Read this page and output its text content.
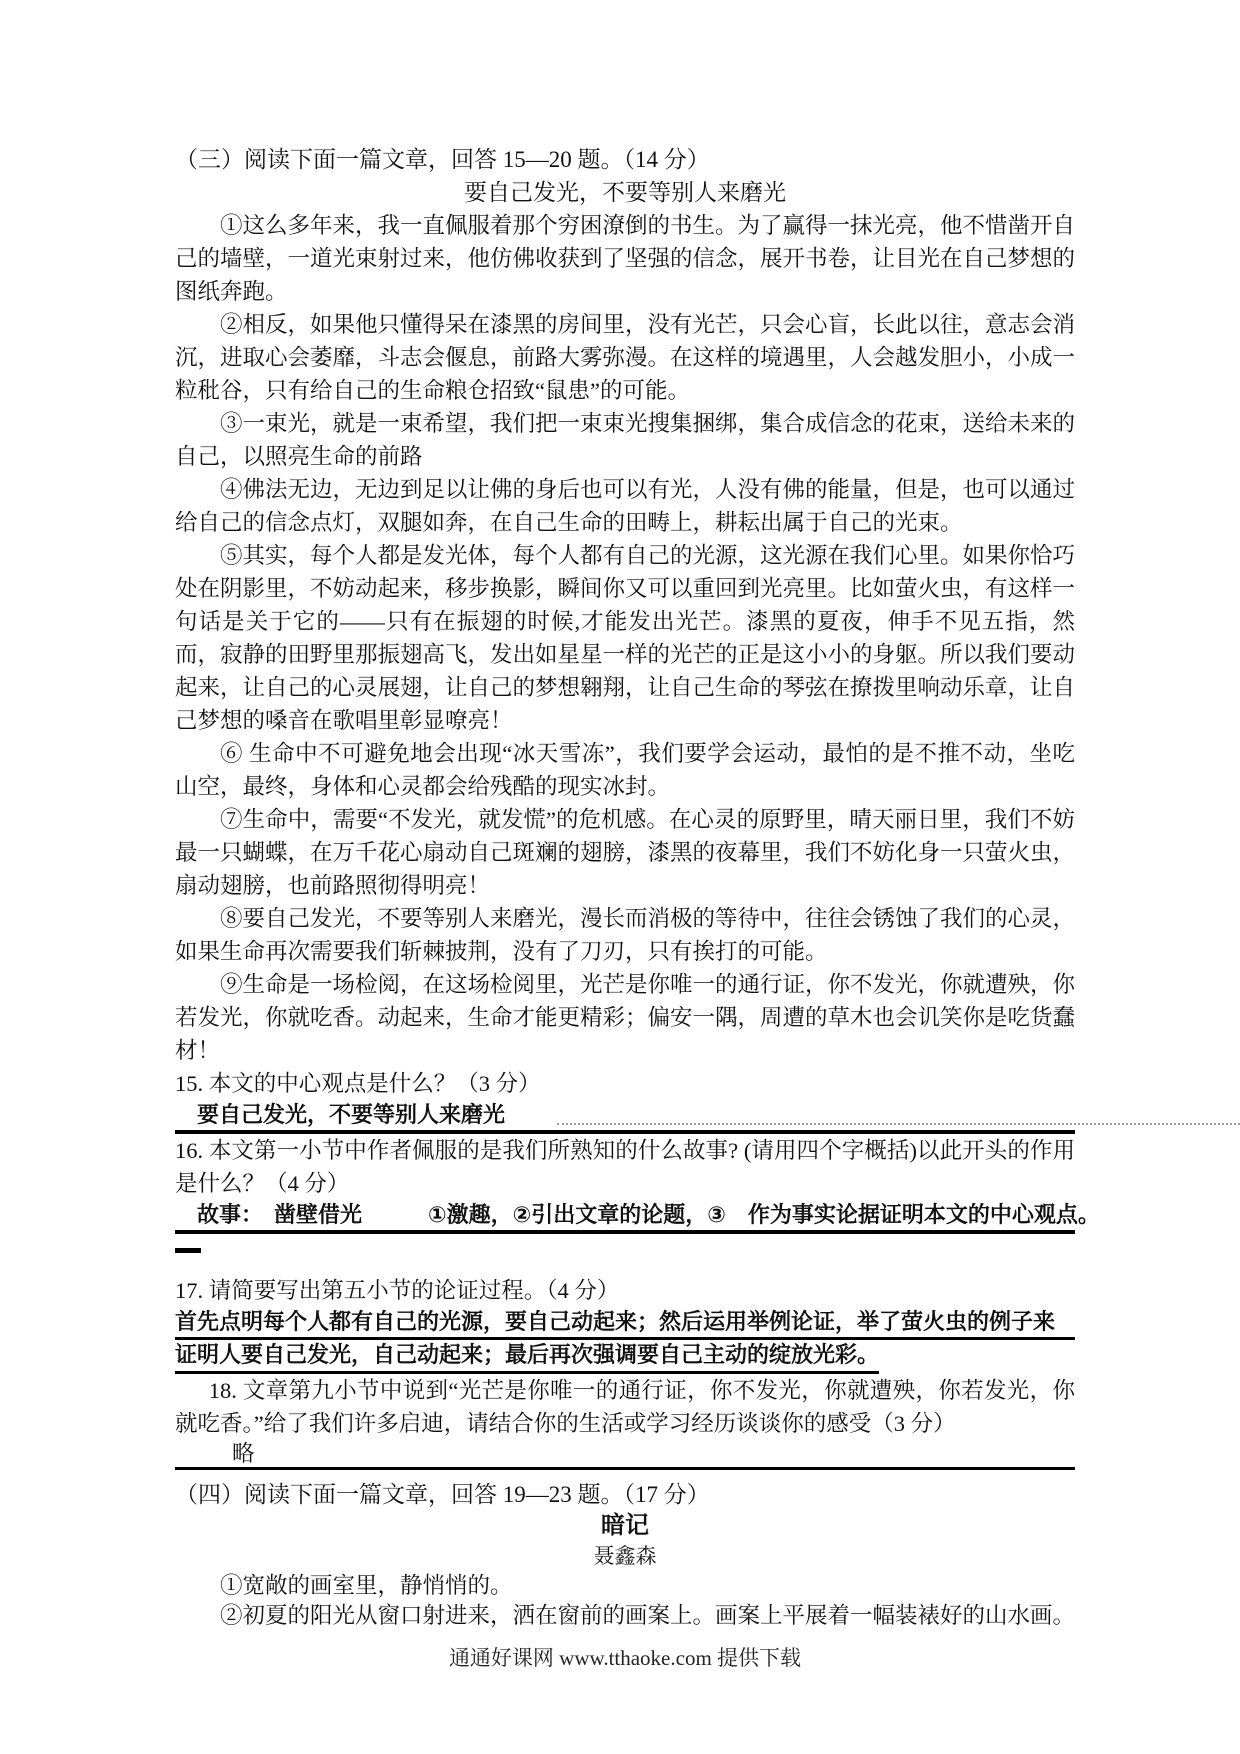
（三）阅读下面一篇文章，回答 15—20 题。（14 分）
要自己发光，不要等别人来磨光

①这么多年来，我一直佩服着那个穷困潦倒的书生。为了赢得一抹光亮，他不惜凿开自己的墙壁，一道光束射过来，他仿佛收获到了坚强的信念，展开书卷，让目光在自己梦想的图纸奔跑。

②相反，如果他只懂得呆在漆黑的房间里，没有光芒，只会心盲，长此以往，意志会消沉，进取心会萎靡，斗志会偃息，前路大雾弥漫。在这样的境遇里，人会越发胆小，小成一粒秕谷，只有给自己的生命粮仓招致“鼠患”的可能。

③一束光，就是一束希望，我们把一束束光搜集捆绑，集合成信念的花束，送给未来的自己，以照亮生命的前路

④佛法无边，无边到足以让佛的身后也可以有光，人没有佛的能量，但是，也可以通过给自己的信念点灯，双腿如奔，在自己生命的田畴上，耕耘出属于自己的光束。

⑤其实，每个人都是发光体，每个人都有自己的光源，这光源在我们心里。如果你恰巧处在阴影里，不妨动起来，移步换影，瞬间你又可以重回到光亮里。比如萤火虫，有这样一句话是关于它的——只有在振翅的时候,才能发出光芒。漆黑的夏夜，伸手不见五指，然而，寂静的田野里那振翅高飞，发出如星星一样的光芒的正是这小小的身躯。所以我们要动起来，让自己的心灵展翅，让自己的梦想翱翔，让自己生命的琴弦在撩拨里响动乐章，让自己梦想的嗓音在歌唱里彰显嘹亮！

⑥ 生命中不可避免地会出现“冰天雪冻”，我们要学会运动，最怕的是不推不动，坐吃山空，最终，身体和心灵都会给残酷的现实冰封。

⑦生命中，需要“不发光，就发慌”的危机感。在心灵的原野里，晴天丽日里，我们不妨最一只蝴蝶，在万千花心扇动自己斑斓的翅膀，漆黑的夜幕里，我们不妨化身一只萤火虫，扇动翅膀，也前路照彻得明亮！

⑧要自己发光，不要等别人来磨光，漫长而消极的等待中，往往会锈蚀了我们的心灵，如果生命再次需要我们斩棘披荆，没有了刀刃，只有挨打的可能。

⑨生命是一场检阅，在这场检阅里，光芒是你唯一的通行证，你不发光，你就遭殃，你若发光，你就吃香。动起来，生命才能更精彩；偏安一隅，周遭的草木也会讥笑你是吃货蠢材！

15. 本文的中心观点是什么？（3 分）
要自己发光，不要等别人来磨光
16. 本文第一小节中作者佩服的是我们所熟知的什么故事? (请用四个字概括)以此开头的作用是什么？（4 分）
故事：　凿壁借光　　　①激趣，②引出文章的论题，③　作为事实论据证明本文的中心观点。
17. 请简要写出第五小节的论证过程。（4 分）
首先点明每个人都有自己的光源，要自己动起来；然后运用举例论证，举了萤火虫的例子来
证明人要自己发光，自己动起来；最后再次强调要自己主动的绽放光彩。
18. 文章第九小节中说到“光芒是你唯一的通行证，你不发光，你就遭殃，你若发光，你就吃香。”给了我们许多启迪，请结合你的生活或学习经历谈谈你的感受（3 分）
略
（四）阅读下面一篇文章，回答 19—23 题。（17 分）
暗记
聂鑫森

①宽敞的画室里，静悄悄的。

②初夏的阳光从窗口射进来，洒在窗前的画案上。画案上平展着一幅装裱好的山水画。

通通好课网 www.tthaoke.com 提供下载
